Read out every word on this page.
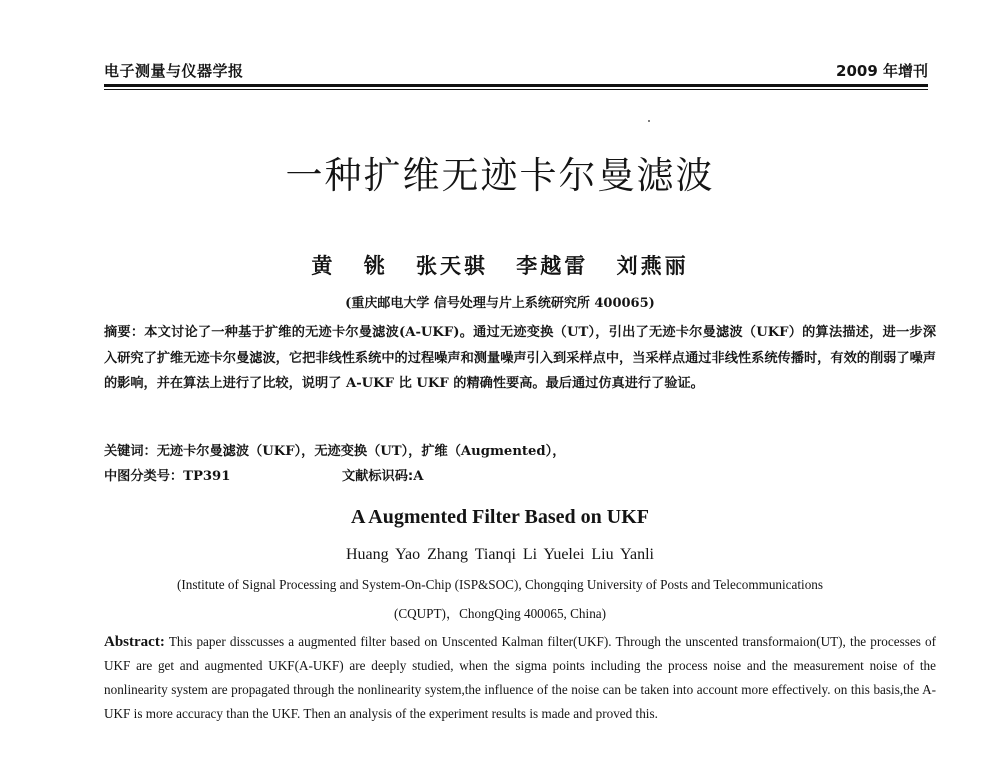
电子测量与仪器学报	2009 年增刊
一种扩维无迹卡尔曼滤波
黄 铫 张天骐 李越雷 刘燕丽
(重庆邮电大学 信号处理与片上系统研究所 400065)
摘要：本文讨论了一种基于扩维的无迹卡尔曼滤波(A-UKF)。通过无迹变换（UT），引出了无迹卡尔曼滤波（UKF）的算法描述，进一步深入研究了扩维无迹卡尔曼滤波，它把非线性系统中的过程噪声和测量噪声引入到采样点中，当采样点通过非线性系统传播时，有效的削弱了噪声的影响，并在算法上进行了比较，说明了 A-UKF 比 UKF 的精确性要高。最后通过仿真进行了验证。
关键词：无迹卡尔曼滤波（UKF），无迹变换（UT），扩维（Augmented），
中图分类号：TP391	文献标识码:A
A Augmented Filter Based on UKF
Huang Yao Zhang Tianqi Li Yuelei Liu Yanli
(Institute of Signal Processing and System-On-Chip (ISP&SOC), Chongqing University of Posts and Telecommunications
(CQUPT)，ChongQing 400065, China)
Abstract: This paper disscusses a augmented filter based on Unscented Kalman filter(UKF). Through the unscented transformaion(UT), the processes of UKF are get and augmented UKF(A-UKF) are deeply studied, when the sigma points including the process noise and the measurement noise of the nonlinearity system are propagated through the nonlinearity system,the influence of the noise can be taken into account more effectively. on this basis,the A-UKF is more accuracy than the UKF. Then an analysis of the experiment results is made and proved this.
